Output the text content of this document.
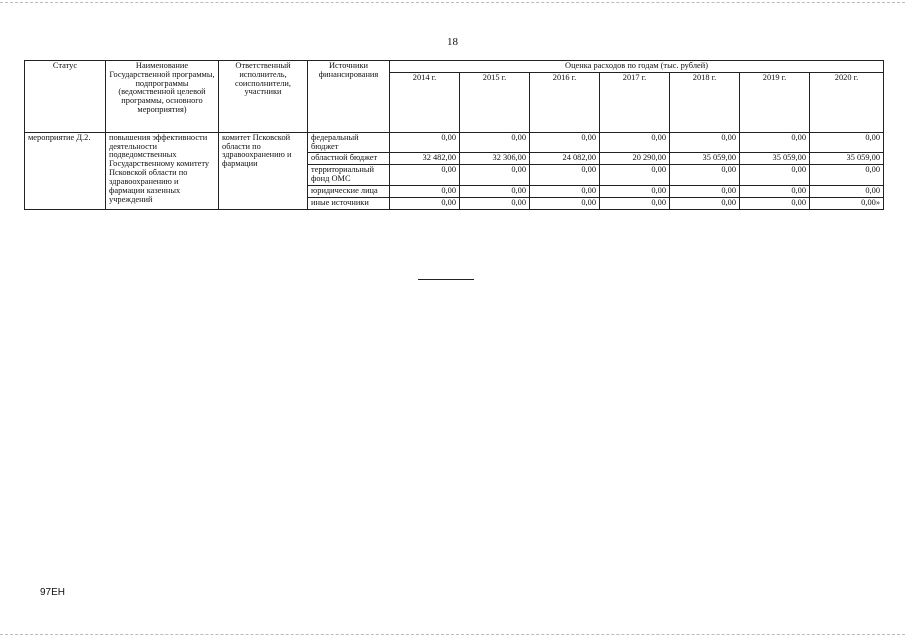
18
Статус	Наименование Государственной программы, подпрограммы (ведомственной целевой программы, основного мероприятия)	Ответственный исполнитель, соисполнители, участники	Источники финансирования	Оценка расходов по годам (тыс. рублей)						
				2014 г.	2015 г.	2016 г.	2017 г.	2018 г.	2019 г.	2020 г.
мероприятие Д.2.	повышения эффективности деятельности подведомственных Государственному комитету Псковской области по здравоохранению и фармации казенных учреждений	комитет Псковской области по здравоохранению и фармации	федеральный бюджет	0,00	0,00	0,00	0,00	0,00	0,00	0,00
			областной бюджет	32 482,00	32 306,00	24 082,00	20 290,00	35 059,00	35 059,00	35 059,00
			территориальный фонд ОМС	0,00	0,00	0,00	0,00	0,00	0,00	0,00
			юридические лица	0,00	0,00	0,00	0,00	0,00	0,00	0,00
			иные источники	0,00	0,00	0,00	0,00	0,00	0,00	0,00»
97ЕН
